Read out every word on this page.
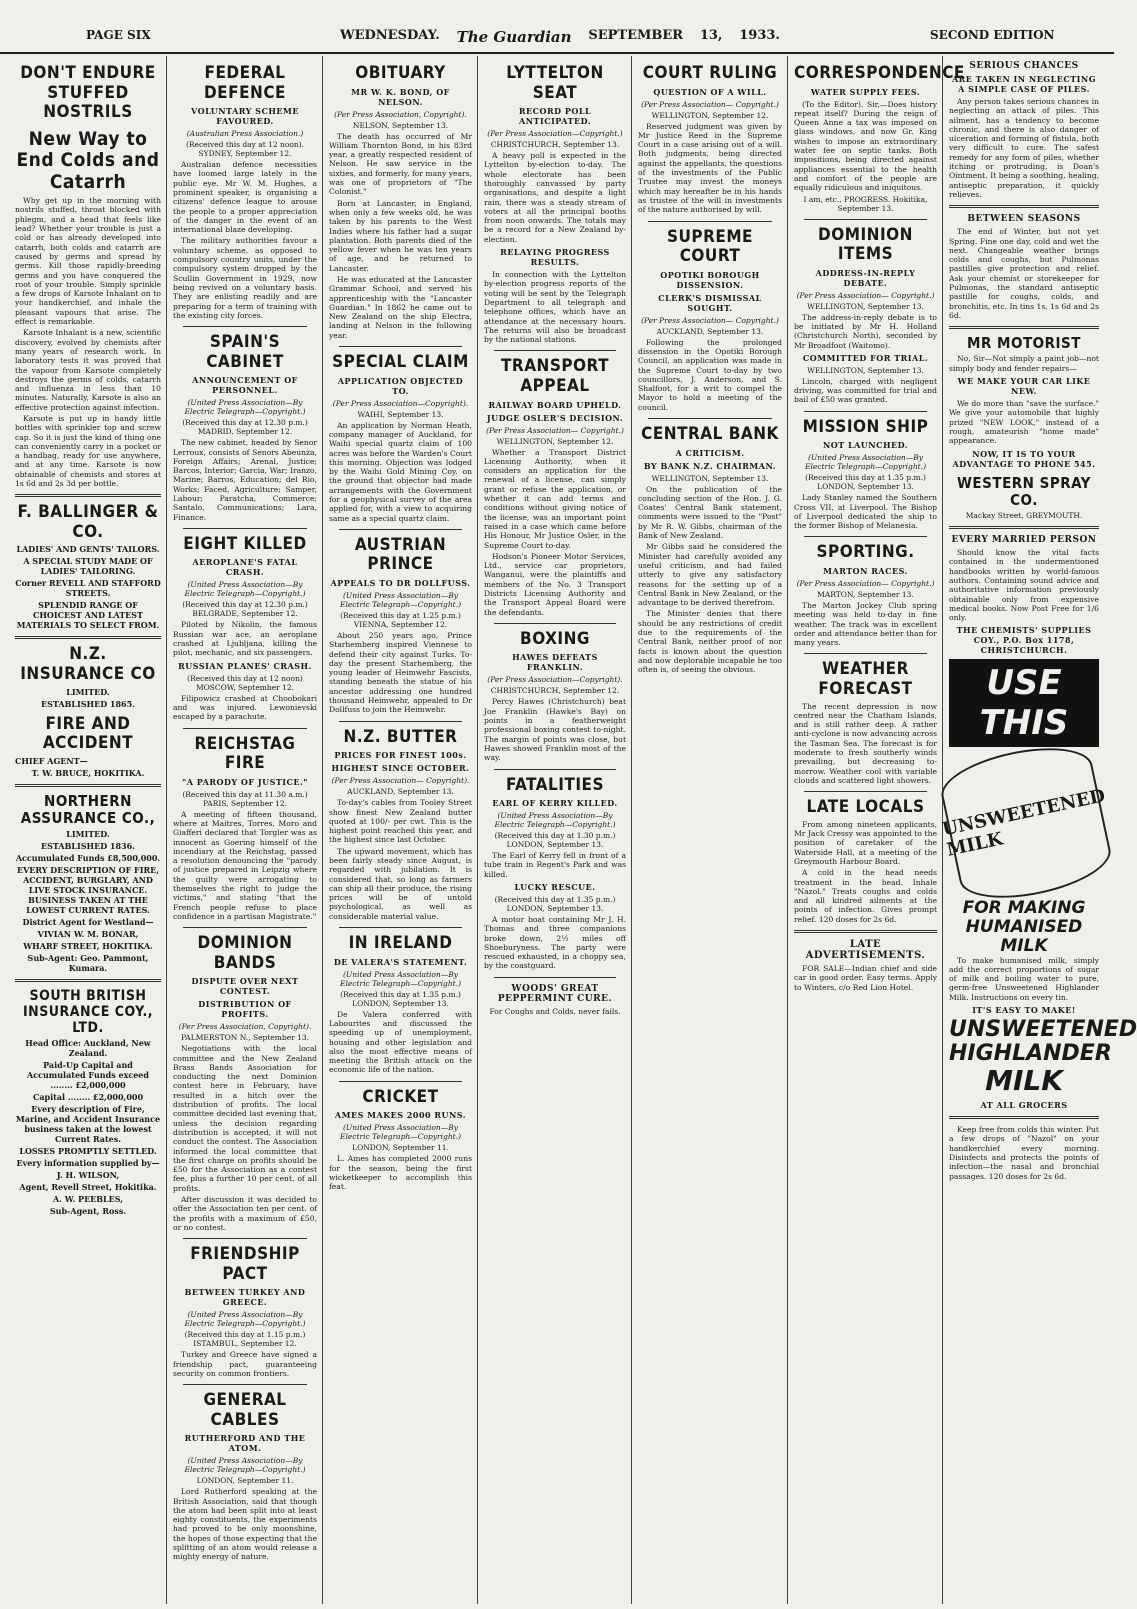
PAGE SIX	WEDNESDAY. The Guardian SEPTEMBER 13, 1933.	SECOND EDITION
DON'T ENDURE STUFFED NOSTRILS
New Way to End Colds and Catarrh

Why get up in the morning with nostrils stuffed, throat blocked with phlegm, and a head that feels like lead? Whether your trouble is just a cold or has already developed into catarrh, both colds and catarrh are caused by germs and spread by germs. Kill those rapidly-breeding germs and you have conquered the root of your trouble. Simply sprinkle a few drops of Karsote Inhalant on to your handkerchief, and inhale the pleasant vapours that arise. The effect is remarkable.

Karsote Inhalant is a new, scientific discovery, evolved by chemists after many years of research work. In laboratory tests it was proved that the vapour from Karsote completely destroys the germs of colds, catarrh and influenza in less than 10 minutes. Naturally, Karsote is also an effective protection against infection.

Karsote is put up in handy little bottles with sprinkler top and screw cap. So it is just the kind of thing one can conveniently carry in a pocket or a handbag, ready for use anywhere, and at any time. Karsote is now obtainable of chemists and stores at 1s 6d and 2s 3d per bottle.

F. BALLINGER & CO.
LADIES' AND GENTS' TAILORS.
A SPECIAL STUDY MADE OF LADIES' TAILORING.
Corner REVELL AND STAFFORD STREETS.
SPLENDID RANGE OF CHOICEST AND LATEST MATERIALS TO SELECT FROM.
N.Z. INSURANCE CO
LIMITED.
ESTABLISHED 1865.
FIRE AND ACCIDENT
CHIEF AGENT—
T. W. BRUCE, HOKITIKA.
NORTHERN ASSURANCE CO.,
LIMITED.
ESTABLISHED 1836.
Accumulated Funds £8,500,000.
EVERY DESCRIPTION OF FIRE, ACCIDENT, BURGLARY, AND LIVE STOCK INSURANCE. BUSINESS TAKEN AT THE LOWEST CURRENT RATES.
District Agent for Westland—
VIVIAN W. M. BONAR,
WHARF STREET, HOKITIKA.
Sub-Agent: Geo. Pammont, Kumara.
SOUTH BRITISH INSURANCE COY., LTD.
Head Office: Auckland, New Zealand.
Paid-Up Capital and Accumulated Funds exceed ........ £2,000,000
Capital ........ £2,000,000
Every description of Fire, Marine, and Accident Insurance business taken at the lowest Current Rates.
LOSSES PROMPTLY SETTLED.
Every information supplied by—
J. H. WILSON,
Agent, Revell Street, Hokitika.
A. W. PEEBLES,
Sub-Agent, Ross.
FEDERAL DEFENCE
VOLUNTARY SCHEME FAVOURED.
(Australian Press Association.)
(Received this day at 12 noon). SYDNEY, September 12.

Australian defence necessities have loomed large lately in the public eye. Mr W. M. Hughes, a prominent speaker, is organising a citizens' defence league to arouse the people to a proper appreciation of the danger in the event of an international blaze developing.

The military authorities favour a voluntary scheme, as opposed to compulsory country units, under the compulsory system dropped by the Scullin Government in 1929, now being revived on a voluntary basis. They are enlisting readily and are preparing for a term of training with the existing city forces.

SPAIN'S CABINET
ANNOUNCEMENT OF PERSONNEL.
(United Press Association—By Electric Telegraph—Copyright.)
(Received this day at 12.30 p.m.) MADRID, September 12.

The new cabinet, headed by Senor Lerroux, consists of Senors Abeunza, Foreign Affairs; Arenal, Justice; Barcos, Interior; Garcia, War; Iranzo, Marine; Barros, Education; del Rio, Works; Faced, Agriculture; Samper, Labour; Paratcha, Commerce; Santalo, Communications; Lara, Finance.

EIGHT KILLED
AEROPLANE'S FATAL CRASH.
(United Press Association—By Electric Telegraph—Copyright.)
(Received this day at 12.30 p.m.) BELGRADE, September 12.

Piloted by Nikolin, the famous Russian war ace, an aeroplane crashed at Ljubljana, killing the pilot, mechanic, and six passengers.

RUSSIAN PLANES' CRASH.
(Received this day at 12 noon) MOSCOW, September 12.

Filipowicz crashed at Choobokari and was injured. Lewonievski escaped by a parachute.

REICHSTAG FIRE
"A PARODY OF JUSTICE."
(Received this day at 11.30 a.m.) PARIS, September 12.

A meeting of fifteen thousand, where at Maitres, Torres, Moro and Giafferi declared that Torgler was as innocent as Goering himself of the incendiary at the Reichstag, passed a resolution denouncing the "parody of justice prepared in Leipzig where the guilty were arrogating to themselves the right to judge the victims," and stating "that the French people refuse to place confidence in a partisan Magistrate."

DOMINION BANDS
DISPUTE OVER NEXT CONTEST.
DISTRIBUTION OF PROFITS.
(Per Press Association, Copyright).
PALMERSTON N., September 13.

Negotiations with the local committee and the New Zealand Brass Bands Association for conducting the next Dominion contest here in February, have resulted in a hitch over the distribution of profits. The local committee decided last evening that, unless the decision regarding distribution is accepted, it will not conduct the contest. The Association informed the local committee that the first charge on profits should be £50 for the Association as a contest fee, plus a further 10 per cent. of all profits.

After discussion it was decided to offer the Association ten per cent. of the profits with a maximum of £50, or no contest.

FRIENDSHIP PACT
BETWEEN TURKEY AND GREECE.
(United Press Association—By Electric Telegraph—Copyright.)
(Received this day at 1.15 p.m.) ISTAMBUL, September 12.

Turkey and Greece have signed a friendship pact, guaranteeing security on common frontiers.

GENERAL CABLES
RUTHERFORD AND THE ATOM.
(United Press Association—By Electric Telegraph—Copyright.)
LONDON, September 11.

Lord Rutherford speaking at the British Association, said that though the atom had been split into at least eighty constituents, the experiments had proved to be only moonshine, the hopes of those expecting that the splitting of an atom would release a mighty energy of nature.

OBITUARY
MR W. K. BOND, OF NELSON.
(Per Press Association, Copyright).
NELSON, September 13.

The death has occurred of Mr William Thornton Bond, in his 83rd year, a greatly respected resident of Nelson. He saw service in the sixties, and formerly, for many years, was one of proprietors of "The Colonist."

Born at Lancaster, in England, when only a few weeks old, he was taken by his parents to the West Indies where his father had a sugar plantation. Both parents died of the yellow fever when he was ten years of age, and he returned to Lancaster.

He was educated at the Lancaster Grammar School, and served his apprenticeship with the "Lancaster Guardian." In 1862 he came out to New Zealand on the ship Electra, landing at Nelson in the following year.

SPECIAL CLAIM
APPLICATION OBJECTED TO.
(Per Press Association—Copyright).
WAIHI, September 13.

An application by Norman Heath, company manager of Auckland, for Waihi special quartz claim of 100 acres was before the Warden's Court this morning. Objection was lodged by the Waihi Gold Mining Coy. on the ground that objector had made arrangements with the Government for a geophysical survey of the area applied for, with a view to acquiring same as a special quartz claim.

AUSTRIAN PRINCE
APPEALS TO DR DOLLFUSS.
(United Press Association—By Electric Telegraph—Copyright.)
(Received this day at 1.25 p.m.) VIENNA, September 12.

About 250 years ago, Prince Starhemberg inspired Viennese to defend their city against Turks. To-day the present Starhemberg, the young leader of Heimwehr Fascists, standing beneath the statue of his ancestor addressing one hundred thousand Heimwehr, appealed to Dr Dollfuss to join the Heimwehr.

N.Z. BUTTER
PRICES FOR FINEST 100s.
HIGHEST SINCE OCTOBER.
(Per Press Association— Copyright).
AUCKLAND, September 13.

To-day's cables from Tooley Street show finest New Zealand butter quoted at 100/- per cwt. This is the highest point reached this year, and the highest since last October.

The upward movement, which has been fairly steady since August, is regarded with jubilation. It is considered that, so long as farmers can ship all their produce, the rising prices will be of untold psychological, as well as considerable material value.

IN IRELAND
DE VALERA'S STATEMENT.
(United Press Association—By Electric Telegraph—Copyright.)
(Received this day at 1.35 p.m.) LONDON, September 13.

De Valera conferred with Labourites and discussed the speeding up of unemployment, housing and other legislation and also the most effective means of meeting the British attack on the economic life of the nation.

CRICKET
AMES MAKES 2000 RUNS.
(United Press Association—By Electric Telegraph—Copyright.)
LONDON, September 11.

L. Ames has completed 2000 runs for the season, being the first wicketkeeper to accomplish this feat.

LYTTELTON SEAT
RECORD POLL ANTICIPATED.
(Per Press Association—Copyright.)
CHRISTCHURCH, September 13.

A heavy poll is expected in the Lyttelton by-election to-day. The whole electorate has been thoroughly canvassed by party organisations, and despite a light rain, there was a steady stream of voters at all the principal booths from noon onwards. The totals may be a record for a New Zealand by-election.

RELAYING PROGRESS RESULTS.

In connection with the Lyttelton by-election progress reports of the voting will be sent by the Telegraph Department to all telegraph and telephone offices, which have an attendance at the necessary hours. The returns will also be broadcast by the national stations.

TRANSPORT APPEAL
RAILWAY BOARD UPHELD.
JUDGE OSLER'S DECISION.
(Per Press Association— Copyright.)
WELLINGTON, September 12.

Whether a Transport District Licensing Authority, when it considers an application for the renewal of a license, can simply grant or refuse the application, or whether it can add terms and conditions without giving notice of the license, was an important point raised in a case which came before His Honour, Mr Justice Osler, in the Supreme Court to-day.

Hodson's Pioneer Motor Services, Ltd., service car proprietors, Wanganui, were the plaintiffs and members of the No. 3 Transport Districts Licensing Authority and the Transport Appeal Board were the defendants.

BOXING
HAWES DEFEATS FRANKLIN.
(Per Press Association—Copyright).
CHRISTCHURCH, September 12.

Percy Hawes (Christchurch) beat Joe Franklin (Hawke's Bay) on points in a featherweight professional boxing contest to-night. The margin of points was close, but Hawes showed Franklin most of the way.

FATALITIES
EARL OF KERRY KILLED.
(United Press Association—By Electric Telegraph—Copyright.)
(Received this day at 1.30 p.m.) LONDON, September 13.

The Earl of Kerry fell in front of a tube train in Regent's Park and was killed.

LUCKY RESCUE.
(Received this day at 1.35 p.m.) LONDON, September 13.

A motor boat containing Mr J. H. Thomas and three companions broke down, 2½ miles off Shoeburyness. The party were rescued exhausted, in a choppy sea, by the coastguard.

WOODS' GREAT PEPPERMINT CURE.
For Coughs and Colds, never fails.
COURT RULING
QUESTION OF A WILL.
(Per Press Association— Copyright.)
WELLINGTON, September 12.

Reserved judgment was given by Mr Justice Reed in the Supreme Court in a case arising out of a will. Both judgments, being directed against the appellants, the questions of the investments of the Public Trustee may invest the moneys which may hereafter be in his hands as trustee of the will in investments of the nature authorised by will.

SUPREME COURT
OPOTIKI BOROUGH DISSENSION.
CLERK'S DISMISSAL SOUGHT.
(Per Press Association— Copyright.)
AUCKLAND, September 13.

Following the prolonged dissension in the Opotiki Borough Council, an application was made in the Supreme Court to-day by two councillors, J. Anderson, and S. Shalfoot, for a writ to compel the Mayor to hold a meeting of the council.

CENTRAL BANK
A CRITICISM.
BY BANK N.Z. CHAIRMAN.
WELLINGTON, September 13.

On the publication of the concluding section of the Hon. J. G. Coates' Central Bank statement, comments were issued to the "Post" by Mr R. W. Gibbs, chairman of the Bank of New Zealand.

Mr Gibbs said he considered the Minister had carefully avoided any useful criticism, and had failed utterly to give any satisfactory reasons for the setting up of a Central Bank in New Zealand, or the advantage to be derived therefrom.

The Minister denies that there should be any restrictions of credit due to the requirements of the Central Bank, neither proof of nor facts is known about the question and now deplorable incapable he too often is, of seeing the obvious.

CORRESPONDENCE
WATER SUPPLY FEES.

(To the Editor). Sir,—Does history repeat itself? During the reign of Queen Anne a tax was imposed on glass windows, and now Gr. King wishes to impose an extraordinary water fee on septic tanks. Both impositions, being directed against appliances essential to the health and comfort of the people are equally ridiculous and iniquitous.

I am, etc., PROGRESS. Hokitika, September 13.
DOMINION ITEMS
ADDRESS-IN-REPLY DEBATE.
(Per Press Association— Copyright.)
WELLINGTON, September 13.

The address-in-reply debate is to be initiated by Mr H. Holland (Christchurch North), seconded by Mr Broadfoot (Waitomo).

COMMITTED FOR TRIAL.
WELLINGTON, September 13.

Lincoln, charged with negligent driving, was committed for trial and bail of £50 was granted.

MISSION SHIP
NOT LAUNCHED.
(United Press Association—By Electric Telegraph—Copyright.)
(Received this day at 1.35 p.m.) LONDON, September 13.

Lady Stanley named the Southern Cross VII, at Liverpool. The Bishop of Liverpool dedicated the ship to the former Bishop of Melanesia.

SPORTING.
MARTON RACES.
(Per Press Association— Copyright.)
MARTON, September 13.

The Marton Jockey Club spring meeting was held to-day in fine weather. The track was in excellent order and attendance better than for many years.

WEATHER FORECAST

The recent depression is now centred near the Chatham Islands, and is still rather deep. A rather anti-cyclone is now advancing across the Tasman Sea. The forecast is for moderate to fresh southerly winds prevailing, but decreasing to-morrow. Weather cool with variable clouds and scattered light showers.

LATE LOCALS

From among nineteen applicants, Mr Jack Cressy was appointed to the position of caretaker of the Waterside Hall, at a meeting of the Greymouth Harbour Board.

A cold in the head needs treatment in the head. Inhale "Nazol." Treats coughs and colds and all kindred ailments at the points of infection. Gives prompt relief. 120 doses for 2s 6d.

LATE ADVERTISEMENTS.

FOR SALE—Indian chief and side car in good order. Easy terms. Apply to Winters, c/o Red Lion Hotel.

SERIOUS CHANCES
ARE TAKEN IN NEGLECTING A SIMPLE CASE OF PILES.

Any person takes serious chances in neglecting an attack of piles. This ailment, has a tendency to become chronic, and there is also danger of ulceration and forming of fistula, both very difficult to cure. The safest remedy for any form of piles, whether itching or protruding, is Doan's Ointment. It being a soothing, healing, antiseptic preparation, it quickly relieves.

BETWEEN SEASONS

The end of Winter, but not yet Spring. Fine one day, cold and wet the next. Changeable weather brings colds and coughs, but Pulmonas pastilles give protection and relief. Ask your chemist or storekeeper for Pulmonas, the standard antiseptic pastille for coughs, colds, and bronchitis, etc. In tins 1s, 1s 6d and 2s 6d.

MR MOTORIST

No, Sir—Not simply a paint job—not simply body and fender repairs—

WE MAKE YOUR CAR LIKE NEW.

We do more than "save the surface." We give your automobile that highly prized "NEW LOOK," instead of a rough, amateurish "home made" appearance.

NOW, IT IS TO YOUR ADVANTAGE TO PHONE 545.
WESTERN SPRAY CO.
Mackay Street, GREYMOUTH.
EVERY MARRIED PERSON

Should know the vital facts contained in the undermentioned handbooks written by world-famous authors. Containing sound advice and authoritative information previously obtainable only from expensive medical books. Now Post Free for 1/6 only.

THE CHEMISTS' SUPPLIES COY., P.O. Box 1178, CHRISTCHURCH.
USE THIS
UNSWEETENED MILK
FOR MAKING HUMANISED MILK

To make humanised milk, simply add the correct proportions of sugar of milk and boiling water to pure, germ-free Unsweetened Highlander Milk. Instructions on every tin.

IT'S EASY TO MAKE!
UNSWEETENED
HIGHLANDER
MILK
AT ALL GROCERS

Keep free from colds this winter. Put a few drops of "Nazol" on your handkerchief every morning. Disinfects and protects the points of infection—the nasal and bronchial passages. 120 doses for 2s 6d.
